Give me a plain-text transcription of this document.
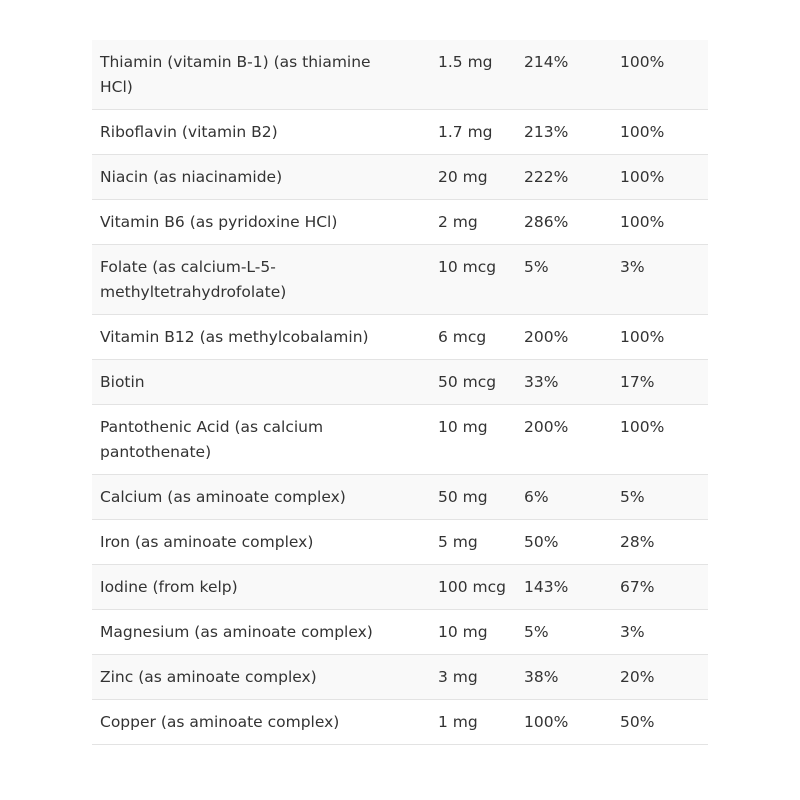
Thiamin (vitamin B-1) (as thiamine HCl)	1.5 mg	214%	100%
Riboflavin (vitamin B2)	1.7 mg	213%	100%
Niacin (as niacinamide)	20 mg	222%	100%
Vitamin B6 (as pyridoxine HCl)	2 mg	286%	100%
Folate (as calcium-L-5-methyltetrahydrofolate)	10 mcg	5%	3%
Vitamin B12 (as methylcobalamin)	6 mcg	200%	100%
Biotin	50 mcg	33%	17%
Pantothenic Acid (as calcium pantothenate)	10 mg	200%	100%
Calcium (as aminoate complex)	50 mg	6%	5%
Iron (as aminoate complex)	5 mg	50%	28%
Iodine (from kelp)	100 mcg	143%	67%
Magnesium (as aminoate complex)	10 mg	5%	3%
Zinc (as aminoate complex)	3 mg	38%	20%
Copper (as aminoate complex)	1 mg	100%	50%
